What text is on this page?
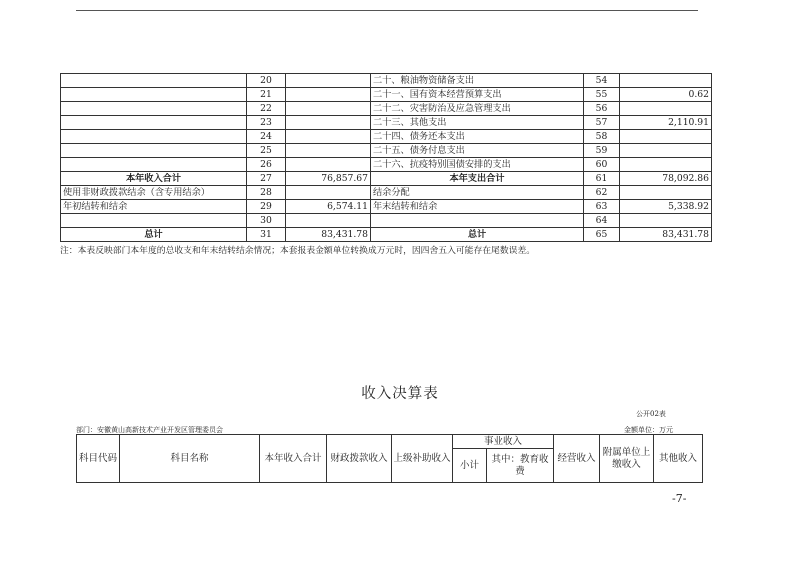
	20		二十、粮油物资储备支出	54	
	21		二十一、国有资本经营预算支出	55	0.62
	22		二十二、灾害防治及应急管理支出	56	
	23		二十三、其他支出	57	2,110.91
	24		二十四、债务还本支出	58	
	25		二十五、债务付息支出	59	
	26		二十六、抗疫特别国债安排的支出	60	
本年收入合计	27	76,857.67	本年支出合计	61	78,092.86
使用非财政拨款结余（含专用结余）	28		结余分配	62	
年初结转和结余	29	6,574.11	年末结转和结余	63	5,338.92
	30			64	
总计	31	83,431.78	总计	65	83,431.78
注：本表反映部门本年度的总收支和年末结转结余情况；本套报表金额单位转换成万元时，因四舍五入可能存在尾数误差。
收入决算表
公开02表
部门：安徽黄山高新技术产业开发区管理委员会	金额单位：万元
科目代码	科目名称	本年收入合计	财政拨款收入	上级补助收入	事业收入		经营收入	附属单位上缴收入	其他收入
					小计	其中：教育收费			
-7-
